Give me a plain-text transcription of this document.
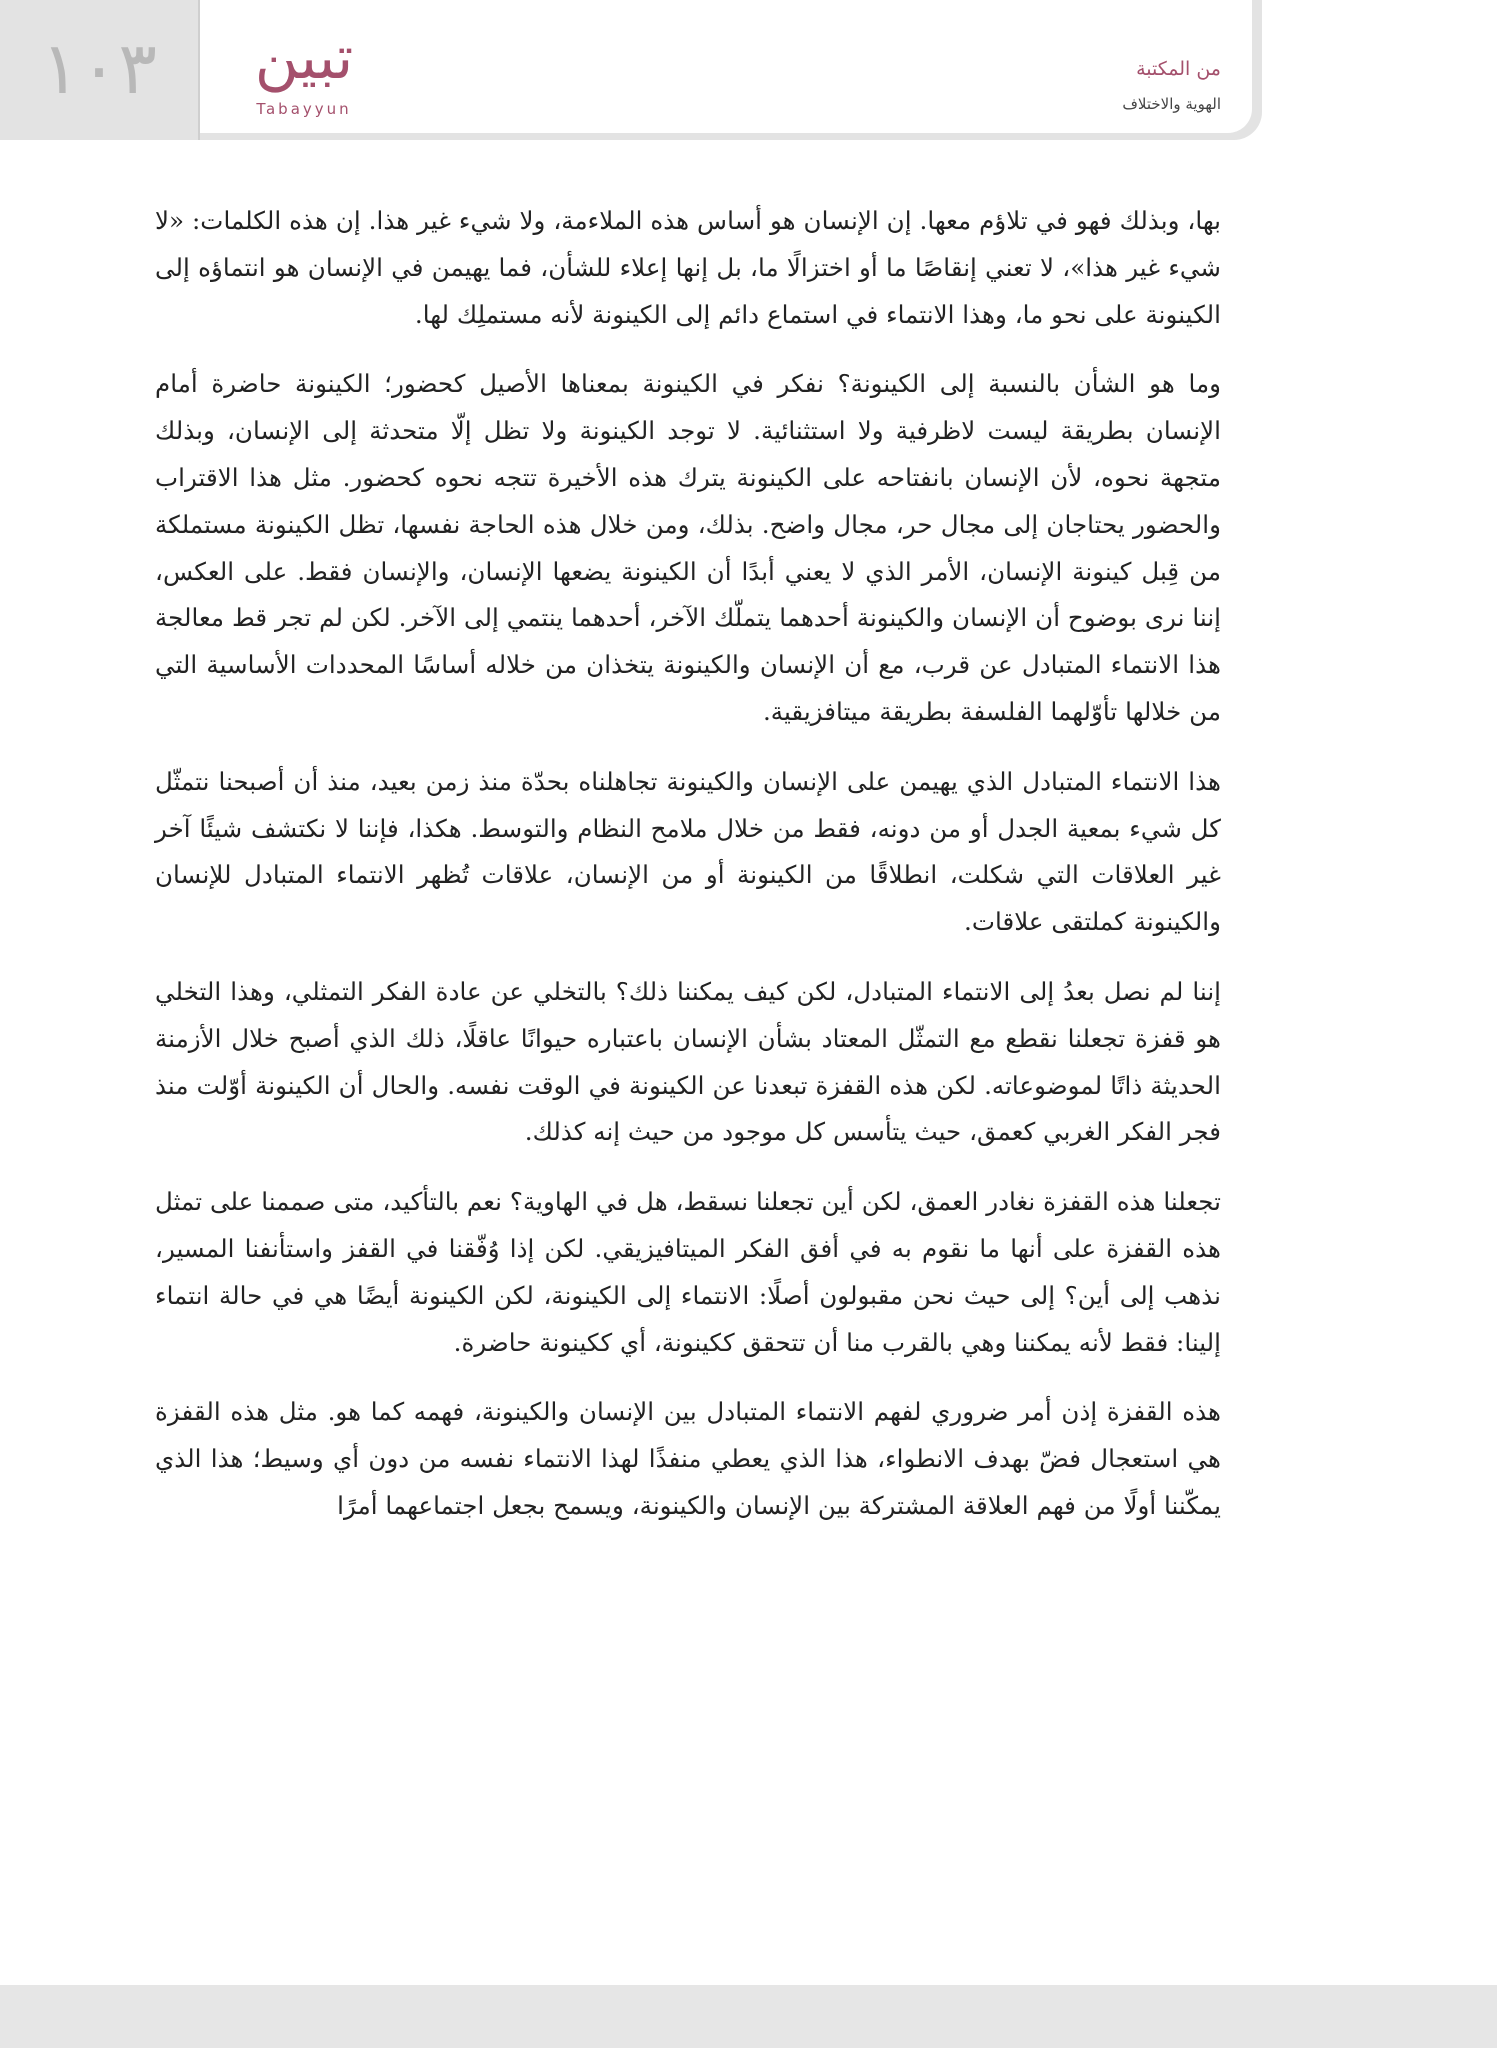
١٠٣	تبين
Tabayyun
من المكتبة
الهوية والاختلاف

بها، وبذلك فهو في تلاؤم معها. إن الإنسان هو أساس هذه الملاءمة، ولا شيء غير هذا. إن هذه الكلمات: «لا شيء غير هذا»، لا تعني إنقاصًا ما أو اختزالًا ما، بل إنها إعلاء للشأن، فما يهيمن في الإنسان هو انتماؤه إلى الكينونة على نحو ما، وهذا الانتماء في استماع دائم إلى الكينونة لأنه مستملِك لها.

وما هو الشأن بالنسبة إلى الكينونة؟ نفكر في الكينونة بمعناها الأصيل كحضور؛ الكينونة حاضرة أمام الإنسان بطريقة ليست لاظرفية ولا استثنائية. لا توجد الكينونة ولا تظل إلّا متحدثة إلى الإنسان، وبذلك متجهة نحوه، لأن الإنسان بانفتاحه على الكينونة يترك هذه الأخيرة تتجه نحوه كحضور. مثل هذا الاقتراب والحضور يحتاجان إلى مجال حر، مجال واضح. بذلك، ومن خلال هذه الحاجة نفسها، تظل الكينونة مستملكة من قِبل كينونة الإنسان، الأمر الذي لا يعني أبدًا أن الكينونة يضعها الإنسان، والإنسان فقط. على العكس، إننا نرى بوضوح أن الإنسان والكينونة أحدهما يتملّك الآخر، أحدهما ينتمي إلى الآخر. لكن لم تجر قط معالجة هذا الانتماء المتبادل عن قرب، مع أن الإنسان والكينونة يتخذان من خلاله أساسًا المحددات الأساسية التي من خلالها تأوّلهما الفلسفة بطريقة ميتافزيقية.

هذا الانتماء المتبادل الذي يهيمن على الإنسان والكينونة تجاهلناه بحدّة منذ زمن بعيد، منذ أن أصبحنا نتمثّل كل شيء بمعية الجدل أو من دونه، فقط من خلال ملامح النظام والتوسط. هكذا، فإننا لا نكتشف شيئًا آخر غير العلاقات التي شكلت، انطلاقًا من الكينونة أو من الإنسان، علاقات تُظهر الانتماء المتبادل للإنسان والكينونة كملتقى علاقات.

إننا لم نصل بعدُ إلى الانتماء المتبادل، لكن كيف يمكننا ذلك؟ بالتخلي عن عادة الفكر التمثلي، وهذا التخلي هو قفزة تجعلنا نقطع مع التمثّل المعتاد بشأن الإنسان باعتباره حيوانًا عاقلًا، ذلك الذي أصبح خلال الأزمنة الحديثة ذاتًا لموضوعاته. لكن هذه القفزة تبعدنا عن الكينونة في الوقت نفسه. والحال أن الكينونة أوّلت منذ فجر الفكر الغربي كعمق، حيث يتأسس كل موجود من حيث إنه كذلك.

تجعلنا هذه القفزة نغادر العمق، لكن أين تجعلنا نسقط، هل في الهاوية؟ نعم بالتأكيد، متى صممنا على تمثل هذه القفزة على أنها ما نقوم به في أفق الفكر الميتافيزيقي. لكن إذا وُفّقنا في القفز واستأنفنا المسير، نذهب إلى أين؟ إلى حيث نحن مقبولون أصلًا: الانتماء إلى الكينونة، لكن الكينونة أيضًا هي في حالة انتماء إلينا: فقط لأنه يمكننا وهي بالقرب منا أن تتحقق ككينونة، أي ككينونة حاضرة.

هذه القفزة إذن أمر ضروري لفهم الانتماء المتبادل بين الإنسان والكينونة، فهمه كما هو. مثل هذه القفزة هي استعجال فضّ بهدف الانطواء، هذا الذي يعطي منفذًا لهذا الانتماء نفسه من دون أي وسيط؛ هذا الذي يمكّننا أولًا من فهم العلاقة المشتركة بين الإنسان والكينونة، ويسمح بجعل اجتماعهما أمرًا
